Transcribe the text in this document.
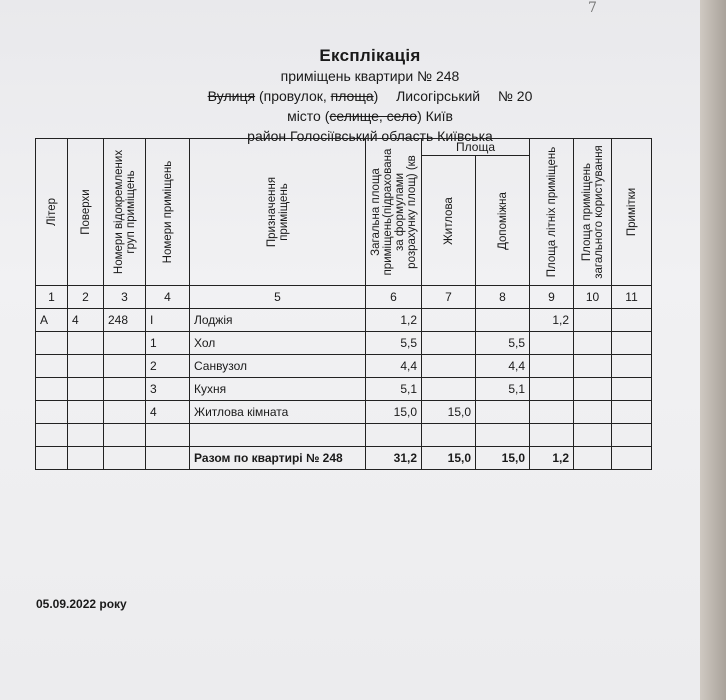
7
Експлікація
приміщень квартири № 248
Вулиця (провулок, площа) Лисогірський № 20
місто (селище, село) Київ
район Голосіївський область Київська
Літер	Поверхи	Номери відокремлених груп приміщень	Номери приміщень	Призначення приміщень	Загальна площа приміщень(підрахована за формулами розрахунку площ) (кв	Площа		Площа літніх приміщень	Площа приміщень загального користування	Примітки

						Житлова	Допоміжна			

1	2	3	4	5	6	7	8	9	10	11
А	4	248	І	Лоджія	1,2			1,2		
			1	Хол	5,5		5,5			
			2	Санвузол	4,4		4,4			
			3	Кухня	5,1		5,1			
			4	Житлова кімната	15,0	15,0				

				Разом по квартирі № 248	31,2	15,0	15,0	1,2		
05.09.2022 року
